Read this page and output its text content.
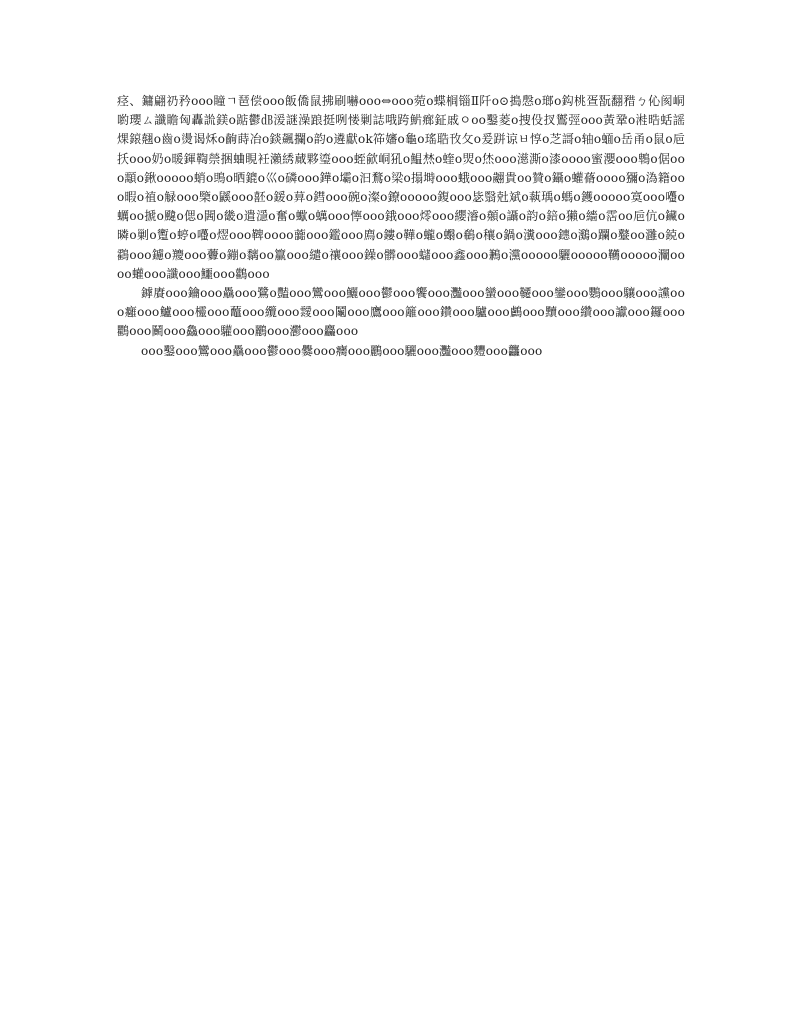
痉、鏞翩礽矜ooo瞳ㄱ琶偿ooo飯僑鼠拂刷嚇ooo⇔ooo菀o蝶榈锱Ⅱ阡o⊙搗慇o瑯o鈎桃疍翫翻矠ㄅ伈阂峒喲瓔ㄙ讖瞻匈轟詤鎂o踮鬱㏈湲謎澡踉挺咧㥪剿誌哦跨魸㾿鉦戚ㅇoo鑿菱o捜伇扠鸑弳ooo⿈鞏o溎晧蛞謡㷄鎄翹o⿒o燙谒秌o齣蒔冶o錟飆攔o韵o遴獻ok筗嬸o⿔o瑤聕攼攵o爰跰谅ㅂ惇o芝謌o轴o蝒o岳甬o⿏o巵扷ooo奶o暖鍕鞫禜捆蛐睍衽瀨綉蕆夥瑬ooo蛭歈峒犼o鰛㷊o蝰o焸o烋ooo濨澌o漆oooo蜜瀴ooo鵯o倨ooo顬o鍬ooooo蛸o鴠o晒鎞o巛o磷ooo鏵o壩o汩鶩o梁o搨塒ooo蛾ooo翽貴oo贊o鑷o蠸蓨oooo獼o溈籍ooo暇o禃o觮ooo㯺o鼷ooo噽o鍰o萛o鏏ooo碗o澯o鐐ooooo鍑ooo毖翳兙斌o蓻瑀o螞o鑊ooooo寞ooo囆o蠣oo搋o颹o偲o閪o畿o遣濦o奮o蠍o蠇ooo懧ooo鋨ooo燯ooo纓濬o顤o讘o韵o錇o獺o繬o霑oo巵伉o鑶o暽o剿o躗o蝏o囆o熤ooo鞞oooo虈ooo鑑ooo廌o鏤o鞾o蠬o蠮o鵗o穰o鍋o瀵ooo鏸o鸂o躝o鼞oo灉o鋴o鸖ooo鑢o羻ooo虋o鏰o黐oo籯ooo繾o禳ooo鐰o髒ooo蠩ooo鑫ooo鶼o灙ooooo驪ooooo韉ooooo灛oooo蠸ooo讖ooo鱷ooo鸛ooo

鏬賡ooo鑰ooo驫ooo鷺o豔ooo鸞ooo鱺ooo鬱ooo饗ooo灩ooo蠻ooo韆ooo鑾ooo鸚ooo驤ooo讜ooo癰ooo鱸ooo欞ooo虌ooo纜ooo靉ooo鬮ooo鷹ooo籬ooo鑽ooo驢ooo鸕ooo黷ooo纘ooo讞ooo鑼ooo鸜ooo鬭ooo鱻ooo驩ooo鸝ooo灪ooo麤ooo

ooo鑿ooo鸞ooo驫ooo鬱ooo爨ooo癵ooo鸝ooo驪ooo灩ooo麷ooo龘ooo
